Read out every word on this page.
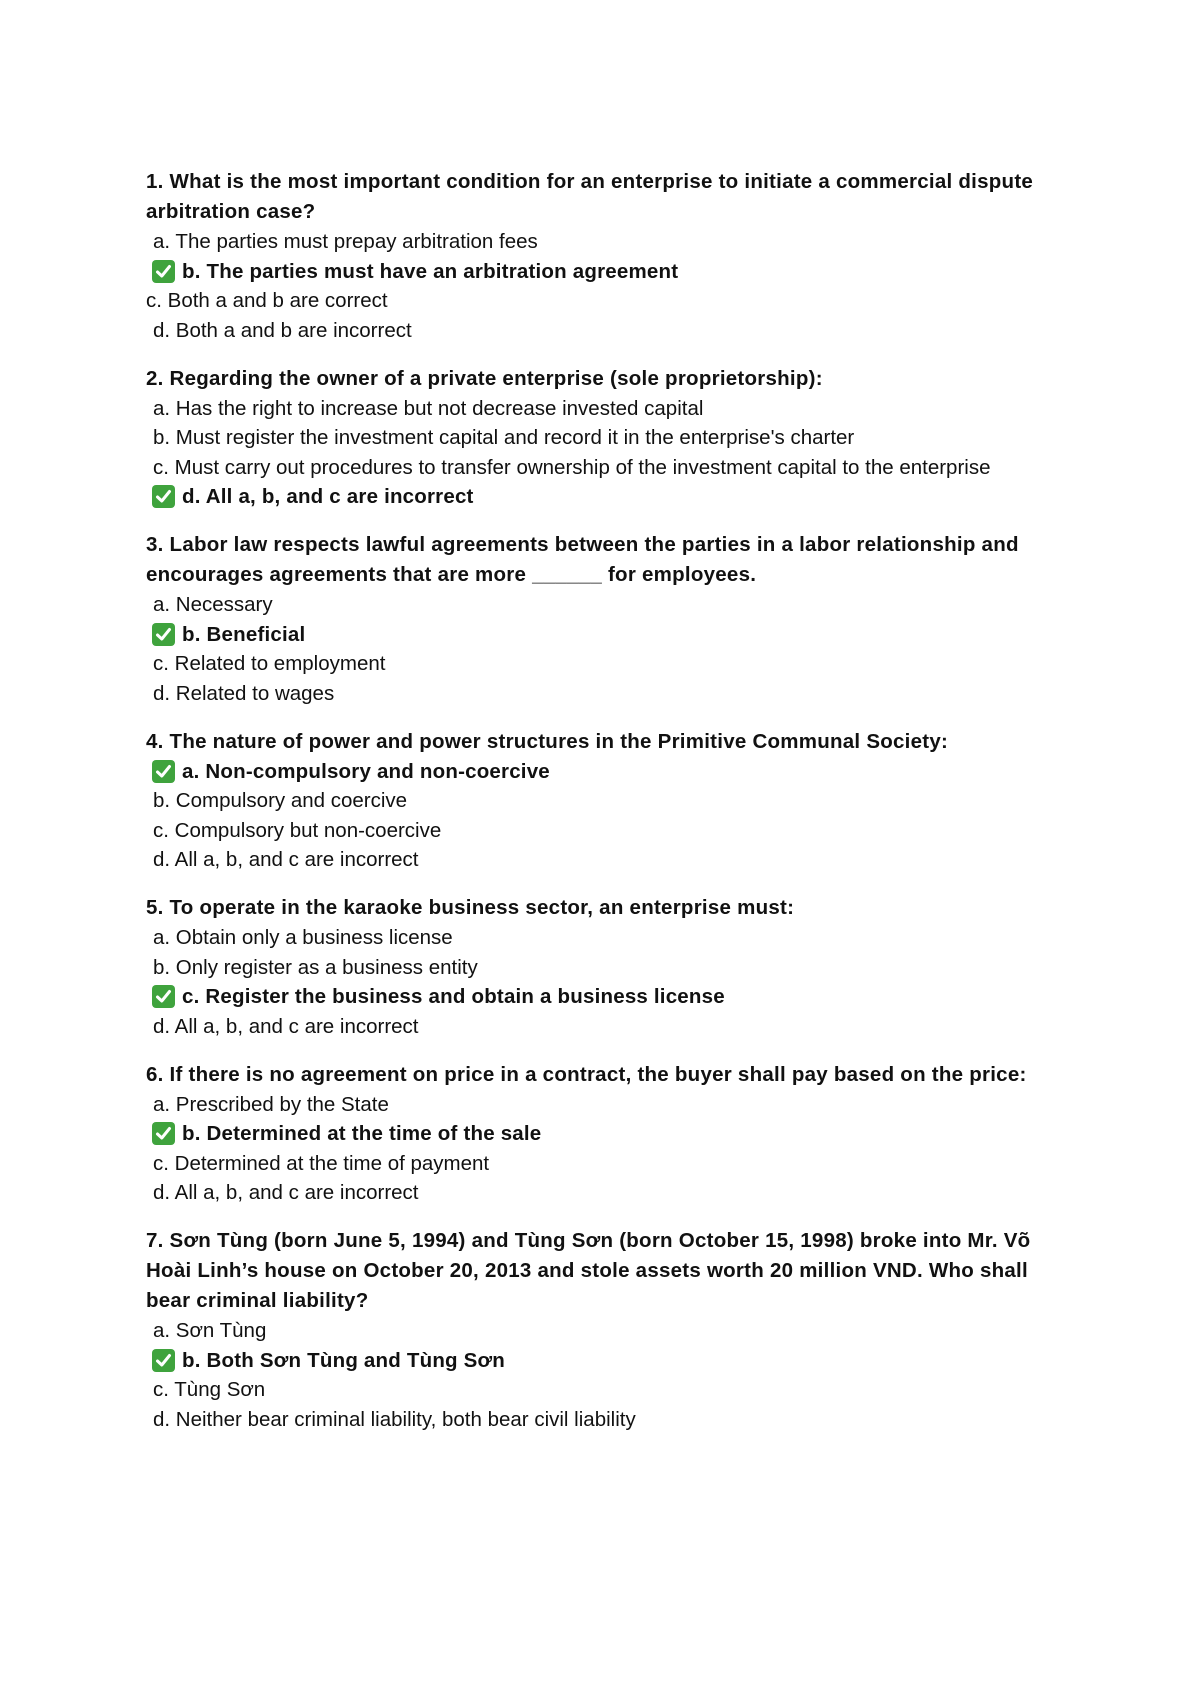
1. What is the most important condition for an enterprise to initiate a commercial dispute arbitration case?

a. The parties must prepay arbitration fees

b. The parties must have an arbitration agreement

c. Both a and b are correct

d. Both a and b are incorrect

2. Regarding the owner of a private enterprise (sole proprietorship):

a. Has the right to increase but not decrease invested capital

b. Must register the investment capital and record it in the enterprise's charter

c. Must carry out procedures to transfer ownership of the investment capital to the enterprise

d. All a, b, and c are incorrect

3. Labor law respects lawful agreements between the parties in a labor relationship and encourages agreements that are more ______ for employees.

a. Necessary

b. Beneficial

c. Related to employment

d. Related to wages

4. The nature of power and power structures in the Primitive Communal Society:

a. Non-compulsory and non-coercive

b. Compulsory and coercive

c. Compulsory but non-coercive

d. All a, b, and c are incorrect

5. To operate in the karaoke business sector, an enterprise must:

a. Obtain only a business license

b. Only register as a business entity

c. Register the business and obtain a business license

d. All a, b, and c are incorrect

6. If there is no agreement on price in a contract, the buyer shall pay based on the price:

a. Prescribed by the State

b. Determined at the time of the sale

c. Determined at the time of payment

d. All a, b, and c are incorrect

7. Sơn Tùng (born June 5, 1994) and Tùng Sơn (born October 15, 1998) broke into Mr. Võ Hoài Linh’s house on October 20, 2013 and stole assets worth 20 million VND. Who shall bear criminal liability?

a. Sơn Tùng

b. Both Sơn Tùng and Tùng Sơn

c. Tùng Sơn

d. Neither bear criminal liability, both bear civil liability
